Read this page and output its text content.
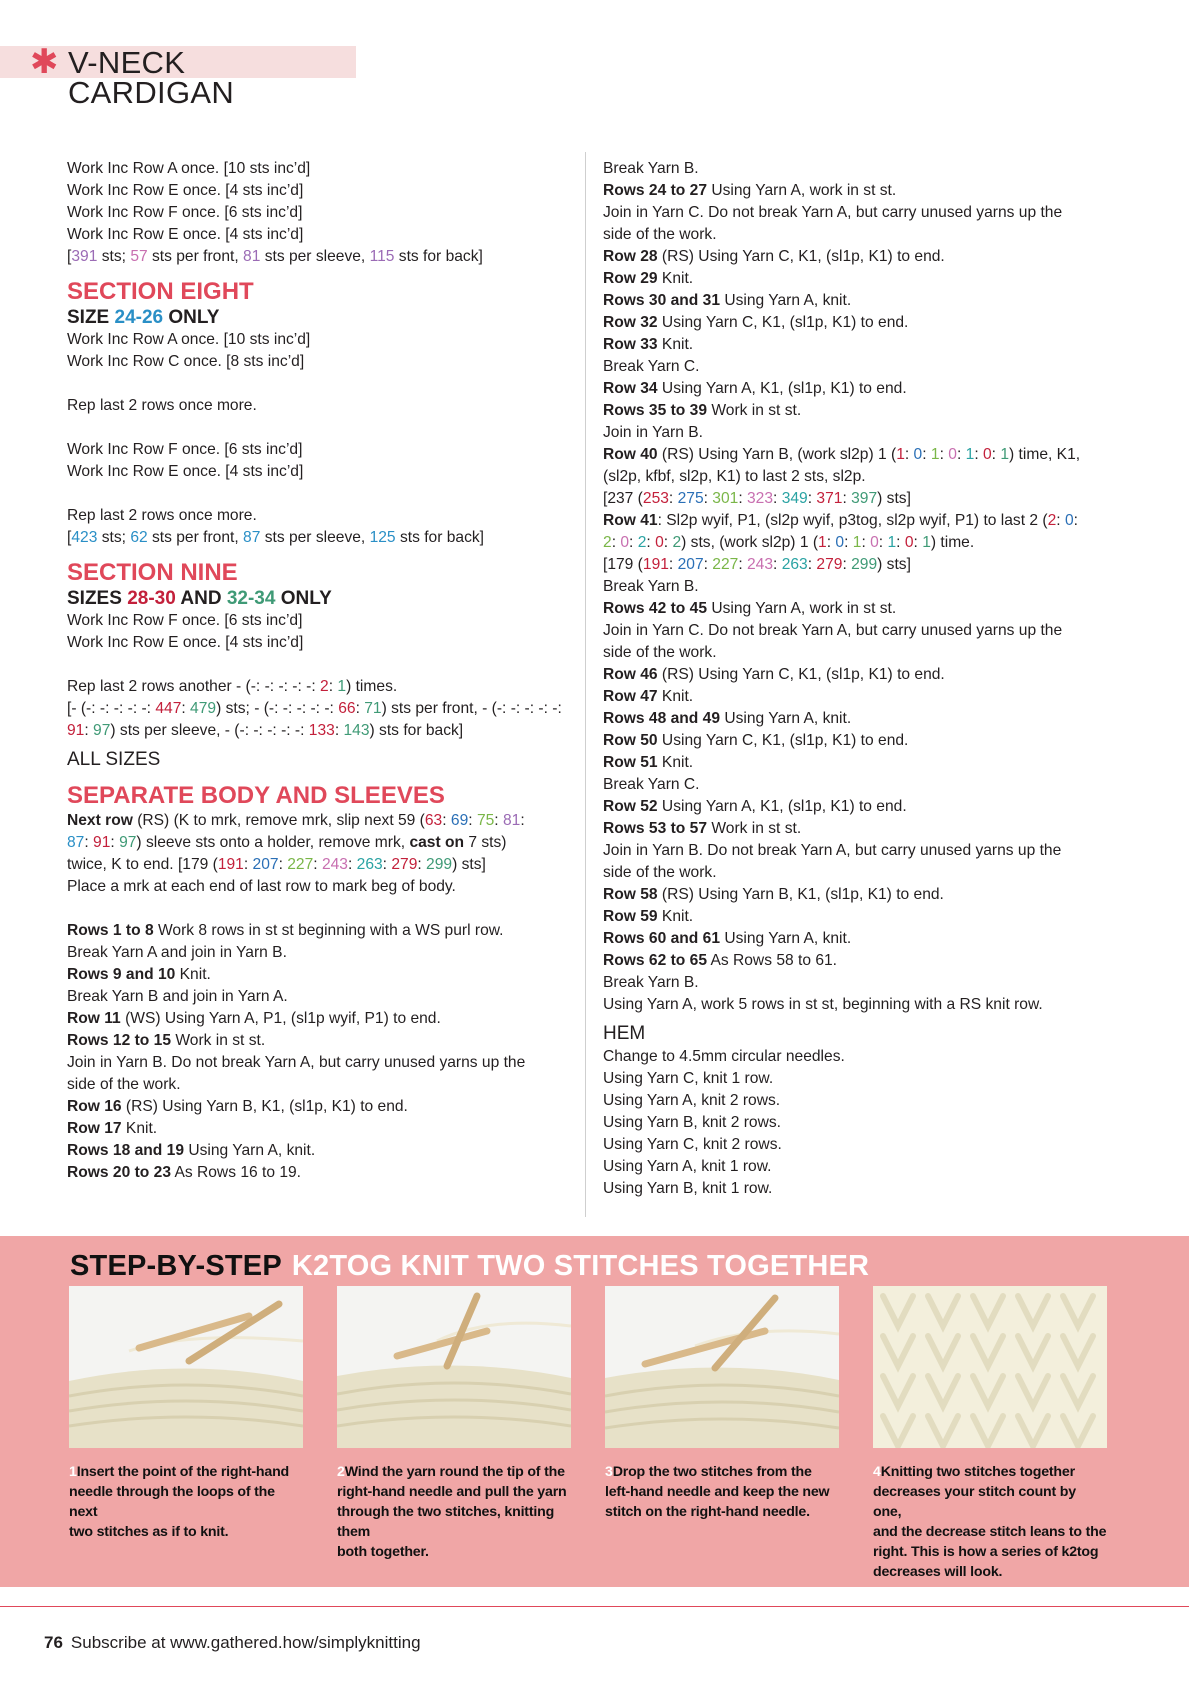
✱ V-NECK CARDIGAN

Work Inc Row A once. [10 sts inc’d]

Work Inc Row E once. [4 sts inc’d]

Work Inc Row F once. [6 sts inc’d]

Work Inc Row E once. [4 sts inc’d]

[391 sts; 57 sts per front, 81 sts per sleeve, 115 sts for back]

SECTION EIGHT

SIZE 24-26 ONLY

Work Inc Row A once. [10 sts inc’d]

Work Inc Row C once. [8 sts inc’d]

Rep last 2 rows once more.

Work Inc Row F once. [6 sts inc’d]

Work Inc Row E once. [4 sts inc’d]

Rep last 2 rows once more.

[423 sts; 62 sts per front, 87 sts per sleeve, 125 sts for back]

SECTION NINE

SIZES 28-30 AND 32-34 ONLY

Work Inc Row F once. [6 sts inc’d]

Work Inc Row E once. [4 sts inc’d]

Rep last 2 rows another - (-: -: -: -: -: 2: 1) times.

[- (-: -: -: -: -: 447: 479) sts; - (-: -: -: -: -: 66: 71) sts per front, - (-: -: -: -: -:

91: 97) sts per sleeve, - (-: -: -: -: -: 133: 143) sts for back]

ALL SIZES

SEPARATE BODY AND SLEEVES

Next row (RS) (K to mrk, remove mrk, slip next 59 (63: 69: 75: 81:

87: 91: 97) sleeve sts onto a holder, remove mrk, cast on 7 sts)

twice, K to end. [179 (191: 207: 227: 243: 263: 279: 299) sts]

Place a mrk at each end of last row to mark beg of body.

Rows 1 to 8 Work 8 rows in st st beginning with a WS purl row.

Break Yarn A and join in Yarn B.

Rows 9 and 10 Knit.

Break Yarn B and join in Yarn A.

Row 11 (WS) Using Yarn A, P1, (sl1p wyif, P1) to end.

Rows 12 to 15 Work in st st.

Join in Yarn B. Do not break Yarn A, but carry unused yarns up the

side of the work.

Row 16 (RS) Using Yarn B, K1, (sl1p, K1) to end.

Row 17 Knit.

Rows 18 and 19 Using Yarn A, knit.

Rows 20 to 23 As Rows 16 to 19.

Break Yarn B.

Rows 24 to 27 Using Yarn A, work in st st.

Join in Yarn C. Do not break Yarn A, but carry unused yarns up the

side of the work.

Row 28 (RS) Using Yarn C, K1, (sl1p, K1) to end.

Row 29 Knit.

Rows 30 and 31 Using Yarn A, knit.

Row 32 Using Yarn C, K1, (sl1p, K1) to end.

Row 33 Knit.

Break Yarn C.

Row 34 Using Yarn A, K1, (sl1p, K1) to end.

Rows 35 to 39 Work in st st.

Join in Yarn B.

Row 40 (RS) Using Yarn B, (work sl2p) 1 (1: 0: 1: 0: 1: 0: 1) time, K1,

(sl2p, kfbf, sl2p, K1) to last 2 sts, sl2p.

[237 (253: 275: 301: 323: 349: 371: 397) sts]

Row 41: Sl2p wyif, P1, (sl2p wyif, p3tog, sl2p wyif, P1) to last 2 (2: 0:

2: 0: 2: 0: 2) sts, (work sl2p) 1 (1: 0: 1: 0: 1: 0: 1) time.

[179 (191: 207: 227: 243: 263: 279: 299) sts]

Break Yarn B.

Rows 42 to 45 Using Yarn A, work in st st.

Join in Yarn C. Do not break Yarn A, but carry unused yarns up the

side of the work.

Row 46 (RS) Using Yarn C, K1, (sl1p, K1) to end.

Row 47 Knit.

Rows 48 and 49 Using Yarn A, knit.

Row 50 Using Yarn C, K1, (sl1p, K1) to end.

Row 51 Knit.

Break Yarn C.

Row 52 Using Yarn A, K1, (sl1p, K1) to end.

Rows 53 to 57 Work in st st.

Join in Yarn B. Do not break Yarn A, but carry unused yarns up the

side of the work.

Row 58 (RS) Using Yarn B, K1, (sl1p, K1) to end.

Row 59 Knit.

Rows 60 and 61 Using Yarn A, knit.

Rows 62 to 65 As Rows 58 to 61.

Break Yarn B.

Using Yarn A, work 5 rows in st st, beginning with a RS knit row.

HEM

Change to 4.5mm circular needles.

Using Yarn C, knit 1 row.

Using Yarn A, knit 2 rows.

Using Yarn B, knit 2 rows.

Using Yarn C, knit 2 rows.

Using Yarn A, knit 1 row.

Using Yarn B, knit 1 row.

STEP-BY-STEP K2TOG KNIT TWO STITCHES TOGETHER
1Insert the point of the right-hand
needle through the loops of the next
two stitches as if to knit.
2Wind the yarn round the tip of the
right-hand needle and pull the yarn
through the two stitches, knitting them
both together.
3Drop the two stitches from the
left-hand needle and keep the new
stitch on the right-hand needle.
4Knitting two stitches together
decreases your stitch count by one,
and the decrease stitch leans to the
right. This is how a series of k2tog
decreases will look.
76 Subscribe at www.gathered.how/simplyknitting
